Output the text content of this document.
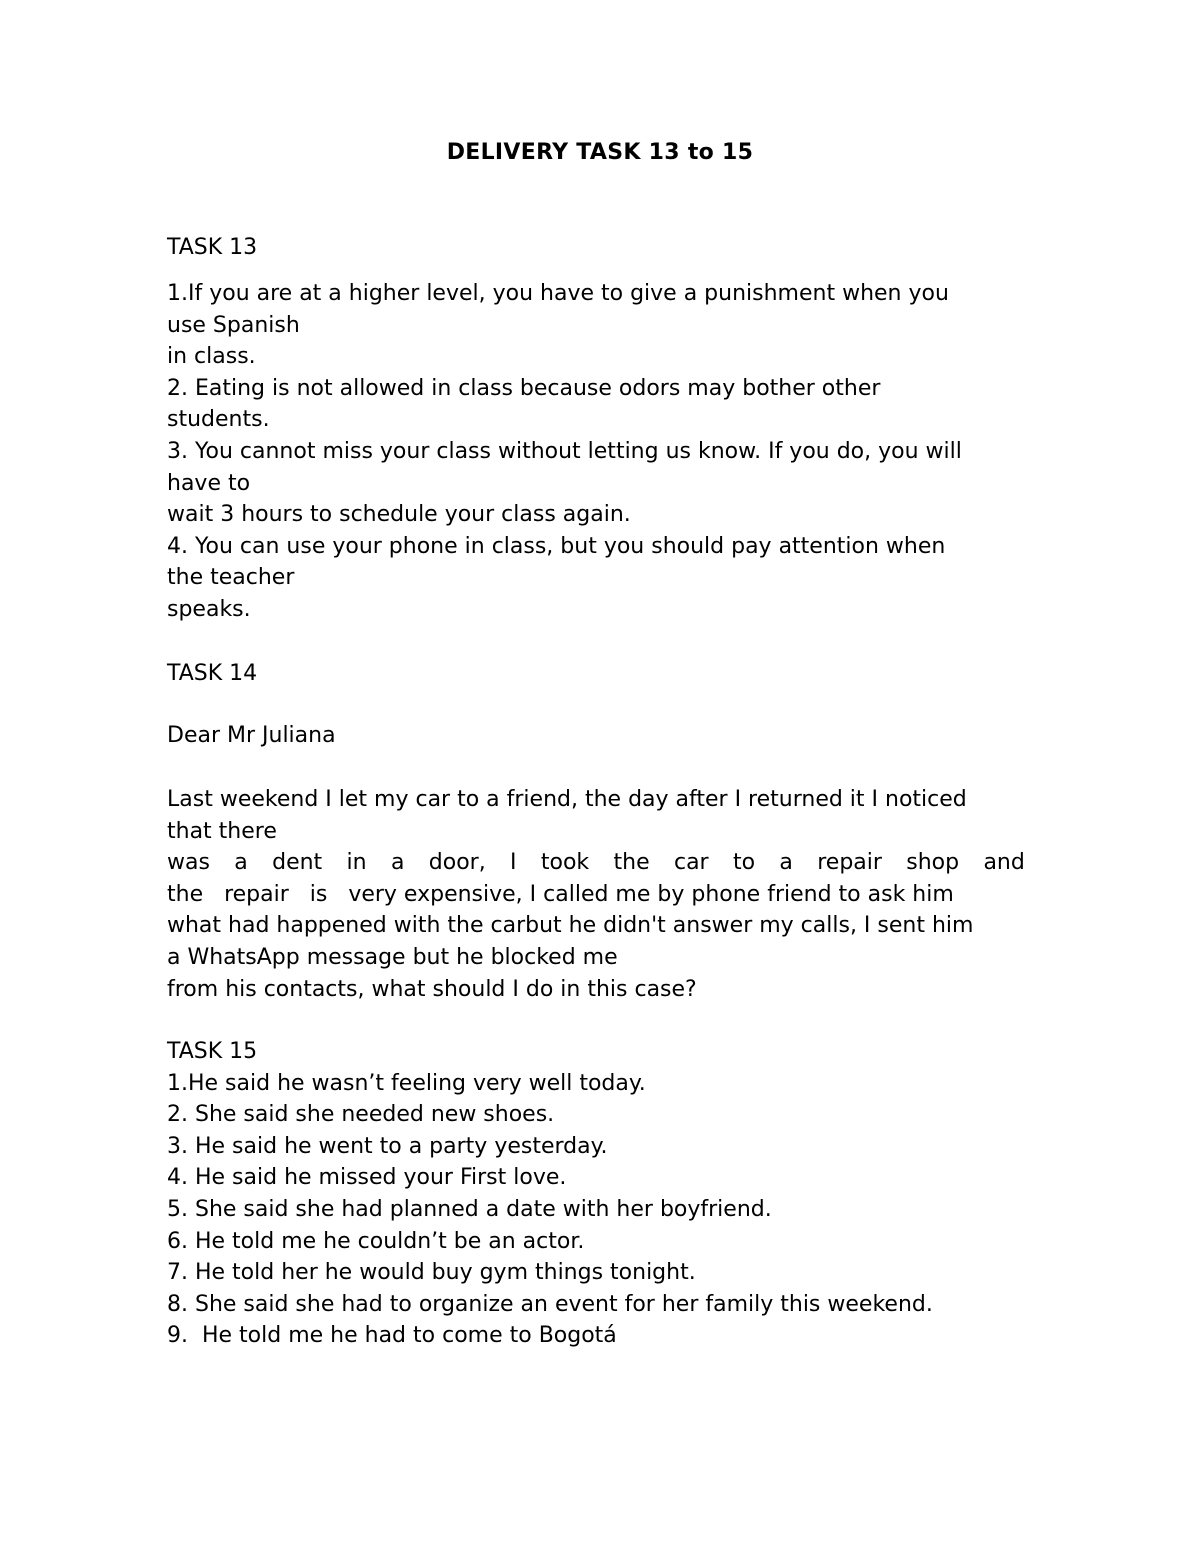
DELIVERY TASK 13 to 15
TASK 13
1.If you are at a higher level, you have to give a punishment when you
use Spanish
in class.
2. Eating is not allowed in class because odors may bother other
students.
3. You cannot miss your class without letting us know. If you do, you will
have to
wait 3 hours to schedule your class again.
4. You can use your phone in class, but you should pay attention when
the teacher
speaks.
TASK 14
Dear Mr Juliana
Last weekend I let my car to a friend, the day after I returned it I noticed
that there
was a dent in a door, I took the car to a repair shop and
the   repair   is   very expensive, I called me by phone friend to ask him
what had happened with the carbut he didn't answer my calls, I sent him
a WhatsApp message but he blocked me
from his contacts, what should I do in this case?
TASK 15
1.He said he wasn’t feeling very well today.
2. She said she needed new shoes.
3. He said he went to a party yesterday.
4. He said he missed your First love.
5. She said she had planned a date with her boyfriend.
6. He told me he couldn’t be an actor.
7. He told her he would buy gym things tonight.
8. She said she had to organize an event for her family this weekend.
9.  He told me he had to come to Bogotá
